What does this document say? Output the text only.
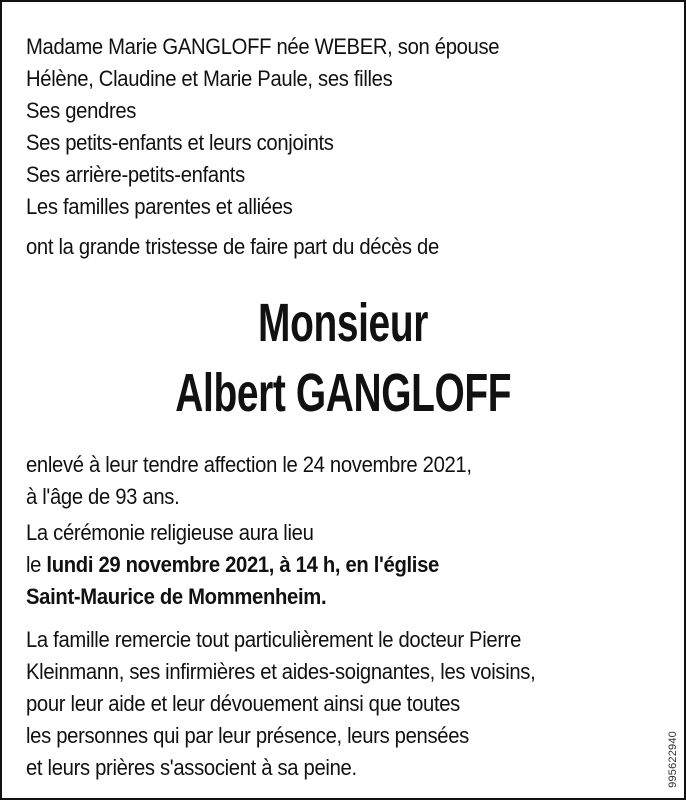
Madame Marie GANGLOFF née WEBER, son épouse
Hélène, Claudine et Marie Paule, ses filles
Ses gendres
Ses petits-enfants et leurs conjoints
Ses arrière-petits-enfants
Les familles parentes et alliées
ont la grande tristesse de faire part du décès de
Monsieur
Albert GANGLOFF
enlevé à leur tendre affection le 24 novembre 2021,
à l'âge de 93 ans.
La cérémonie religieuse aura lieu
le lundi 29 novembre 2021, à 14 h, en l'église
Saint-Maurice de Mommenheim.
La famille remercie tout particulièrement le docteur Pierre
Kleinmann, ses infirmières et aides-soignantes, les voisins,
pour leur aide et leur dévouement ainsi que toutes
les personnes qui par leur présence, leurs pensées
et leurs prières s'associent à sa peine.	995622940
